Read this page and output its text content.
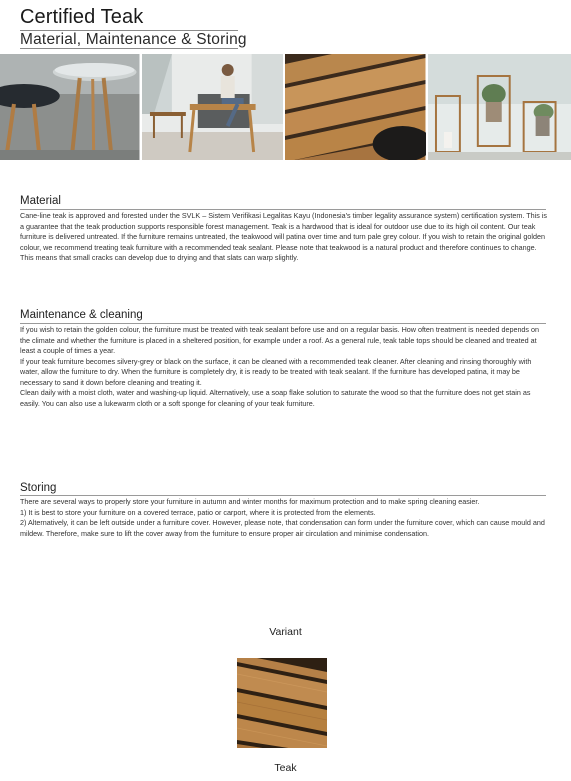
Certified Teak
Material, Maintenance & Storing
Material

Cane-line teak is approved and forested under the SVLK – Sistem Verifikasi Legalitas Kayu (Indonesia's timber legality assurance system) certification system. This is a guarantee that the teak production supports responsible forest management. Teak is a hardwood that is ideal for outdoor use due to its high oil content. Our teak furniture is delivered untreated. If the furniture remains untreated, the teakwood will patina over time and turn pale grey colour. If you wish to retain the original golden colour, we recommend treating teak furniture with a recommended teak sealant. Please note that teakwood is a natural product and therefore continues to change. This means that small cracks can develop due to drying and that slats can warp slightly.

Maintenance & cleaning

If you wish to retain the golden colour, the furniture must be treated with teak sealant before use and on a regular basis. How often treatment is needed depends on the climate and whether the furniture is placed in a sheltered position, for example under a roof. As a general rule, teak table tops should be cleaned and treated at least a couple of times a year.

If your teak furniture becomes silvery-grey or black on the surface, it can be cleaned with a recommended teak cleaner. After cleaning and rinsing thoroughly with water, allow the furniture to dry. When the furniture is completely dry, it is ready to be treated with teak sealant. If the furniture has developed patina, it may be necessary to sand it down before cleaning and treating it.

Clean daily with a moist cloth, water and washing-up liquid. Alternatively, use a soap flake solution to saturate the wood so that the furniture does not get stain as easily. You can also use a lukewarm cloth or a soft sponge for cleaning of your teak furniture.

Storing

There are several ways to properly store your furniture in autumn and winter months for maximum protection and to make spring cleaning easier.

1) It is best to store your furniture on a covered terrace, patio or carport, where it is protected from the elements.

2) Alternatively, it can be left outside under a furniture cover. However, please note, that condensation can form under the furniture cover, which can cause mould and mildew. Therefore, make sure to lift the cover away from the furniture to ensure proper air circulation and minimise condensation.

Variant
Teak
